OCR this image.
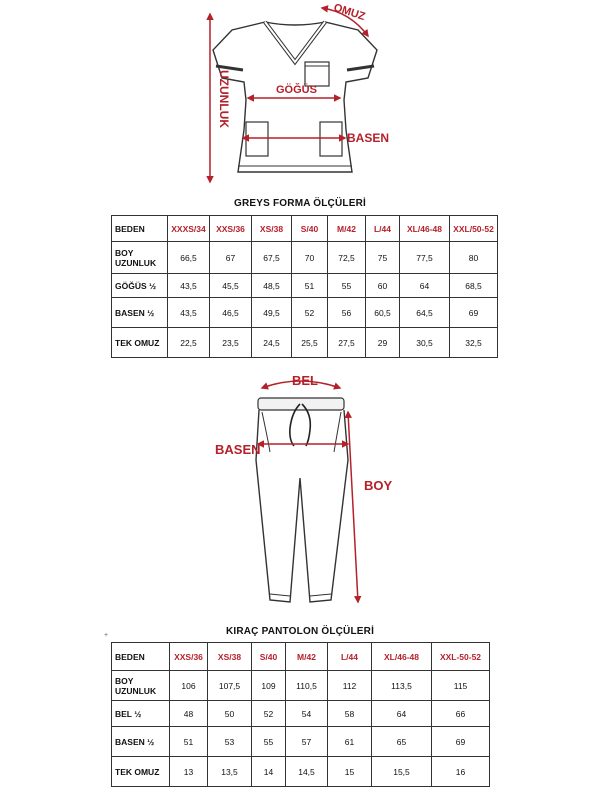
OMUZ
GÖĞÜS
BASEN
UZUNLUK
GREYS FORMA ÖLÇÜLERİ
BEDEN	XXXS/34	XXS/36	XS/38	S/40	M/42	L/44	XL/46-48	XXL/50-52

BOY
UZUNLUK	66,5	67	67,5	70	72,5	75	77,5	80

GÖĞÜS ½	43,5	45,5	48,5	51	55	60	64	68,5

BASEN ½	43,5	46,5	49,5	52	56	60,5	64,5	69

TEK OMUZ	22,5	23,5	24,5	25,5	27,5	29	30,5	32,5
BEL
BASEN
BOY
KIRAÇ PANTOLON ÖLÇÜLERİ
+
BEDEN	XXS/36	XS/38	S/40	M/42	L/44	XL/46-48	XXL-50-52

BOY
UZUNLUK	106	107,5	109	110,5	112	113,5	115

BEL ½	48	50	52	54	58	64	66

BASEN ½	51	53	55	57	61	65	69

TEK OMUZ	13	13,5	14	14,5	15	15,5	16
